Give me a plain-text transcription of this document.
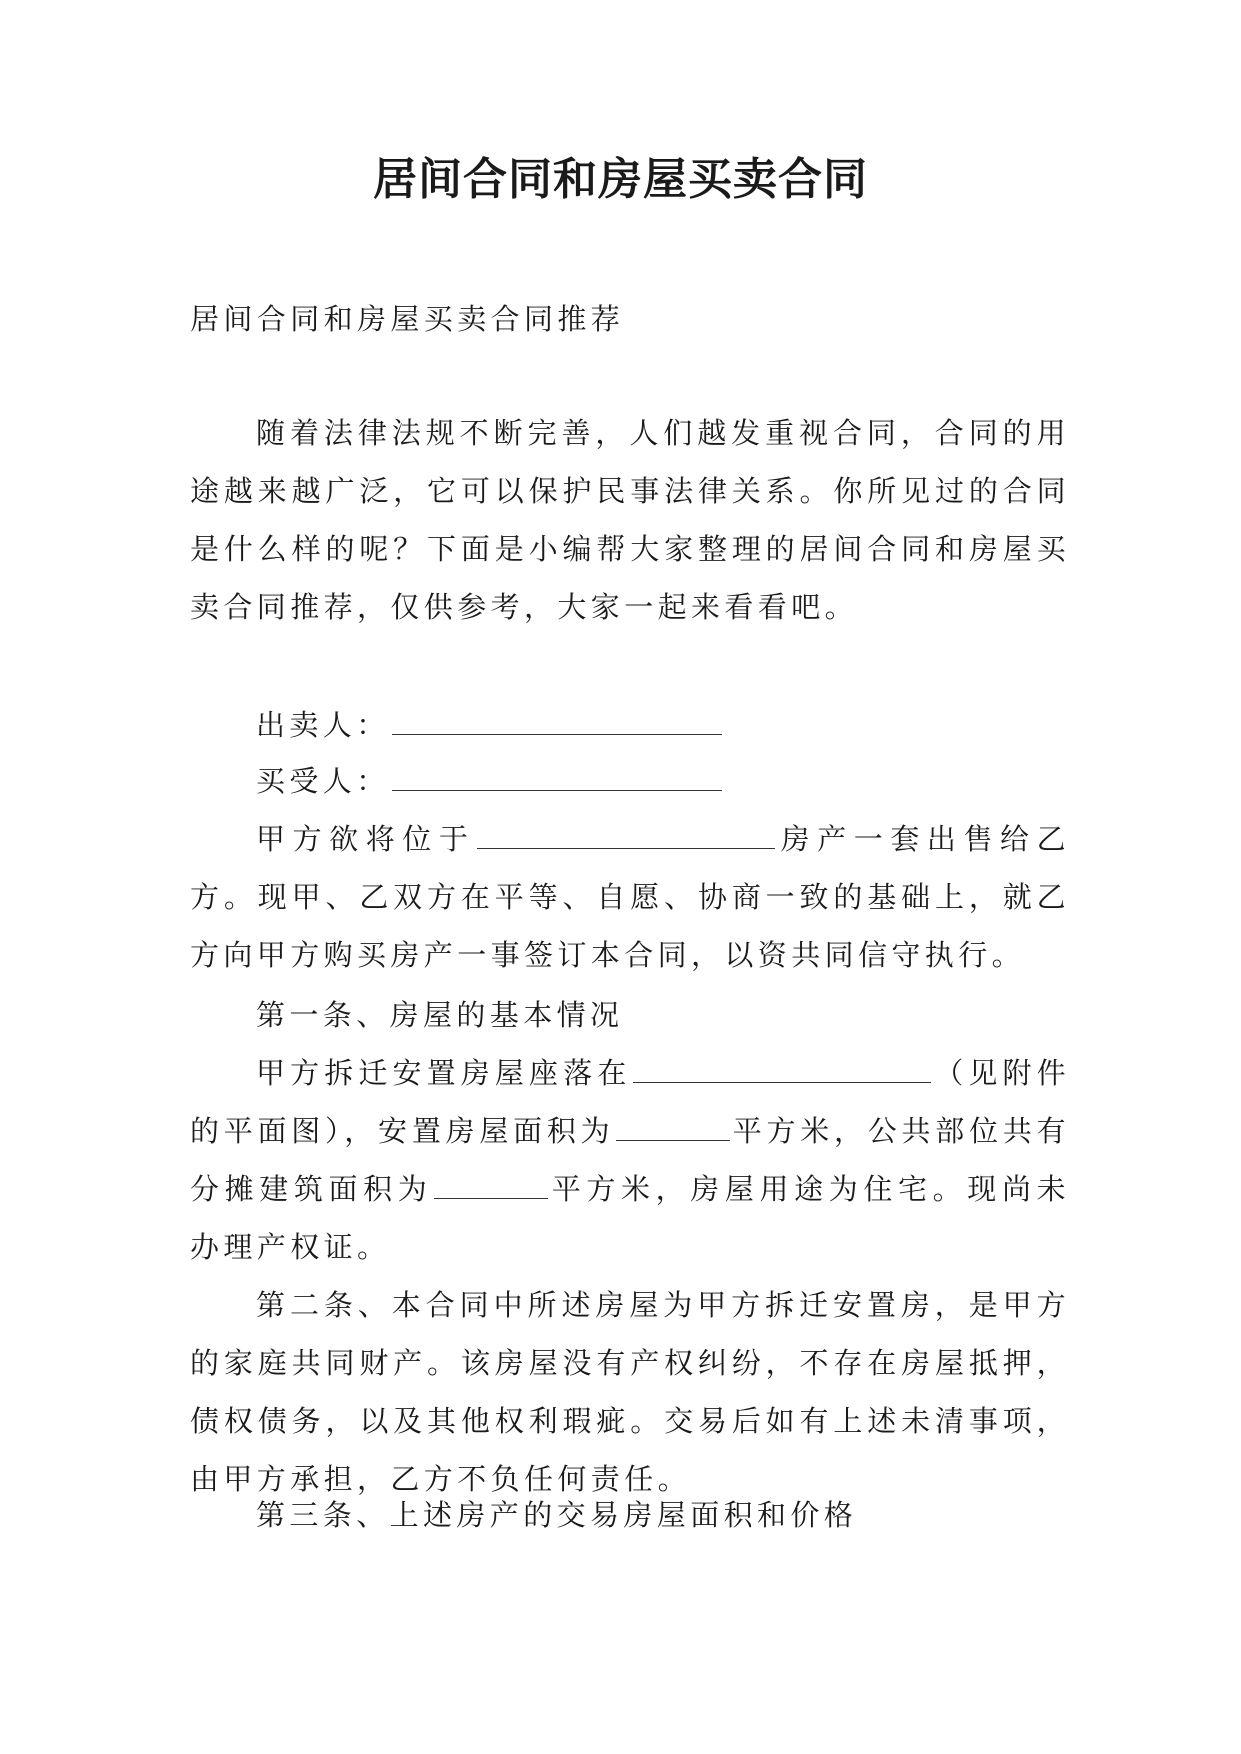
居间合同和房屋买卖合同

居间合同和房屋买卖合同推荐

随着法律法规不断完善，人们越发重视合同，合同的用途越来越广泛，它可以保护民事法律关系。你所见过的合同是什么样的呢？下面是小编帮大家整理的居间合同和房屋买卖合同推荐，仅供参考，大家一起来看看吧。

出卖人：

买受人：

甲方欲将位于	房产一套出售给乙方。现甲、乙双方在平等、自愿、协商一致的基础上，就乙方向甲方购买房产一事签订本合同，以资共同信守执行。

第一条、房屋的基本情况

甲方拆迁安置房屋座落在	（见附件的平面图），安置房屋面积为	平方米，公共部位共有分摊建筑面积为	平方米，房屋用途为住宅。现尚未办理产权证。

第二条、本合同中所述房屋为甲方拆迁安置房，是甲方的家庭共同财产。该房屋没有产权纠纷，不存在房屋抵押，债权债务，以及其他权利瑕疵。交易后如有上述未清事项，由甲方承担，乙方不负任何责任。

第三条、上述房产的交易房屋面积和价格
